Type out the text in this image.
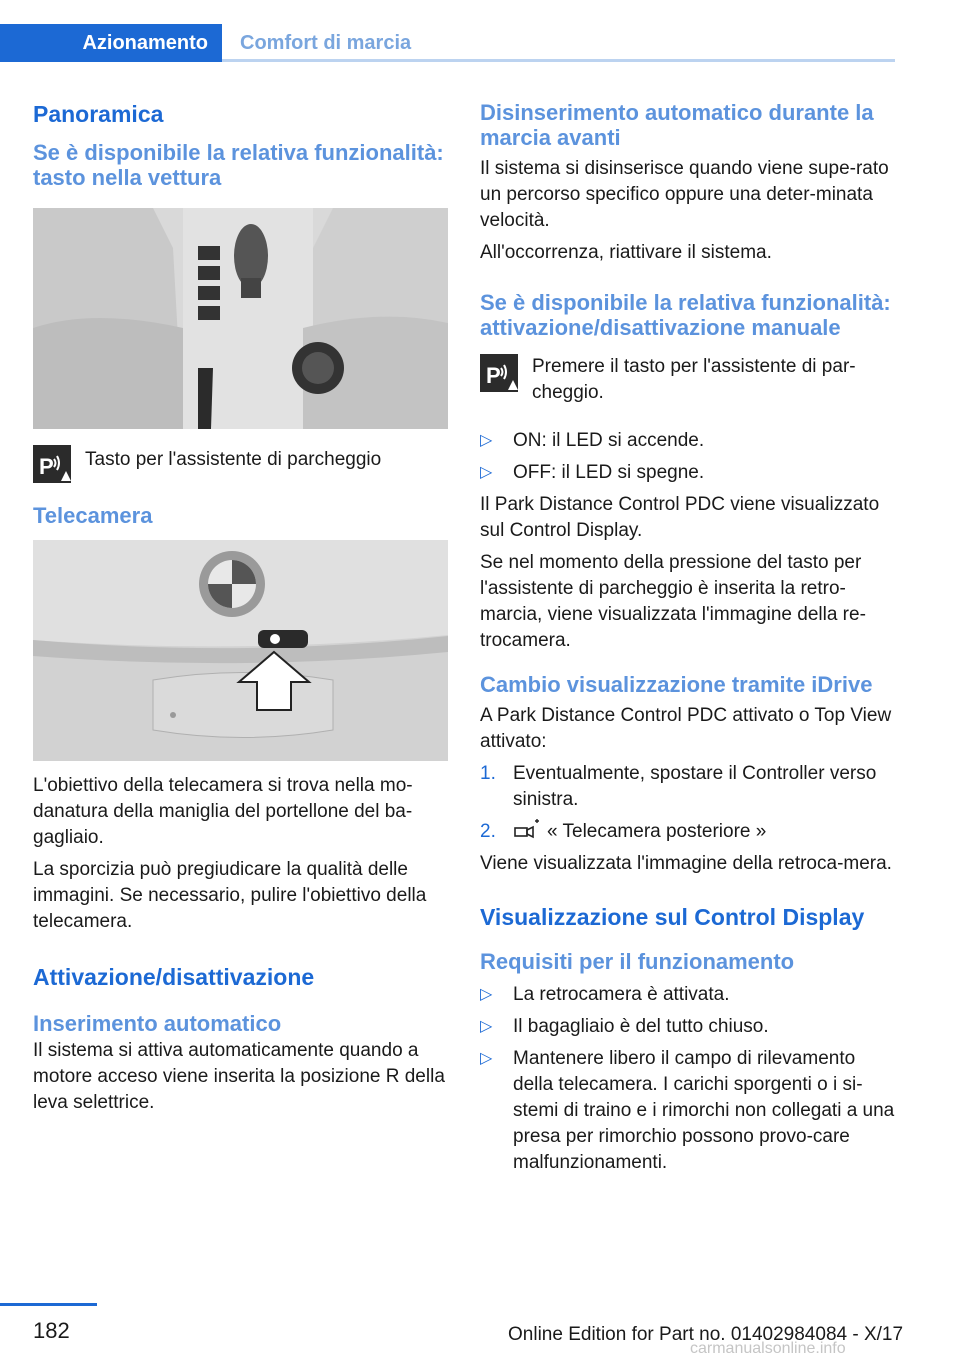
Azionamento	Comfort di marcia
Panoramica
Se è disponibile la relativa funzionalità: tasto nella vettura
P Tasto per l'assistente di parcheggio
Telecamera
L'obiettivo della telecamera si trova nella mo‐danatura della maniglia del portellone del ba‐gagliaio.
La sporcizia può pregiudicare la qualità delle immagini. Se necessario, pulire l'obiettivo della telecamera.
Attivazione/disattivazione
Inserimento automatico
Il sistema si attiva automaticamente quando a motore acceso viene inserita la posizione R della leva selettrice.
Disinserimento automatico durante la marcia avanti
Il sistema si disinserisce quando viene supe‐rato un percorso specifico oppure una deter‐minata velocità.
All'occorrenza, riattivare il sistema.
Se è disponibile la relativa funzionalità: attivazione/disattivazione manuale
P Premere il tasto per l'assistente di par‐cheggio.
▷	ON: il LED si accende.
▷	OFF: il LED si spegne.
Il Park Distance Control PDC viene visualizzato sul Control Display.
Se nel momento della pressione del tasto per l'assistente di parcheggio è inserita la retro‐marcia, viene visualizzata l'immagine della re‐trocamera.
Cambio visualizzazione tramite iDrive
A Park Distance Control PDC attivato o Top View attivato:
1. Eventualmente, spostare il Controller verso sinistra.
2.	« Telecamera posteriore »
Viene visualizzata l'immagine della retroca‐mera.
Visualizzazione sul Control Display
Requisiti per il funzionamento
▷	La retrocamera è attivata.
▷	Il bagagliaio è del tutto chiuso.
▷	Mantenere libero il campo di rilevamento della telecamera. I carichi sporgenti o i si‐stemi di traino e i rimorchi non collegati a una presa per rimorchio possono provo‐care malfunzionamenti.
182	Online Edition for Part no. 01402984084 - X/17
carmanualsonline.info
